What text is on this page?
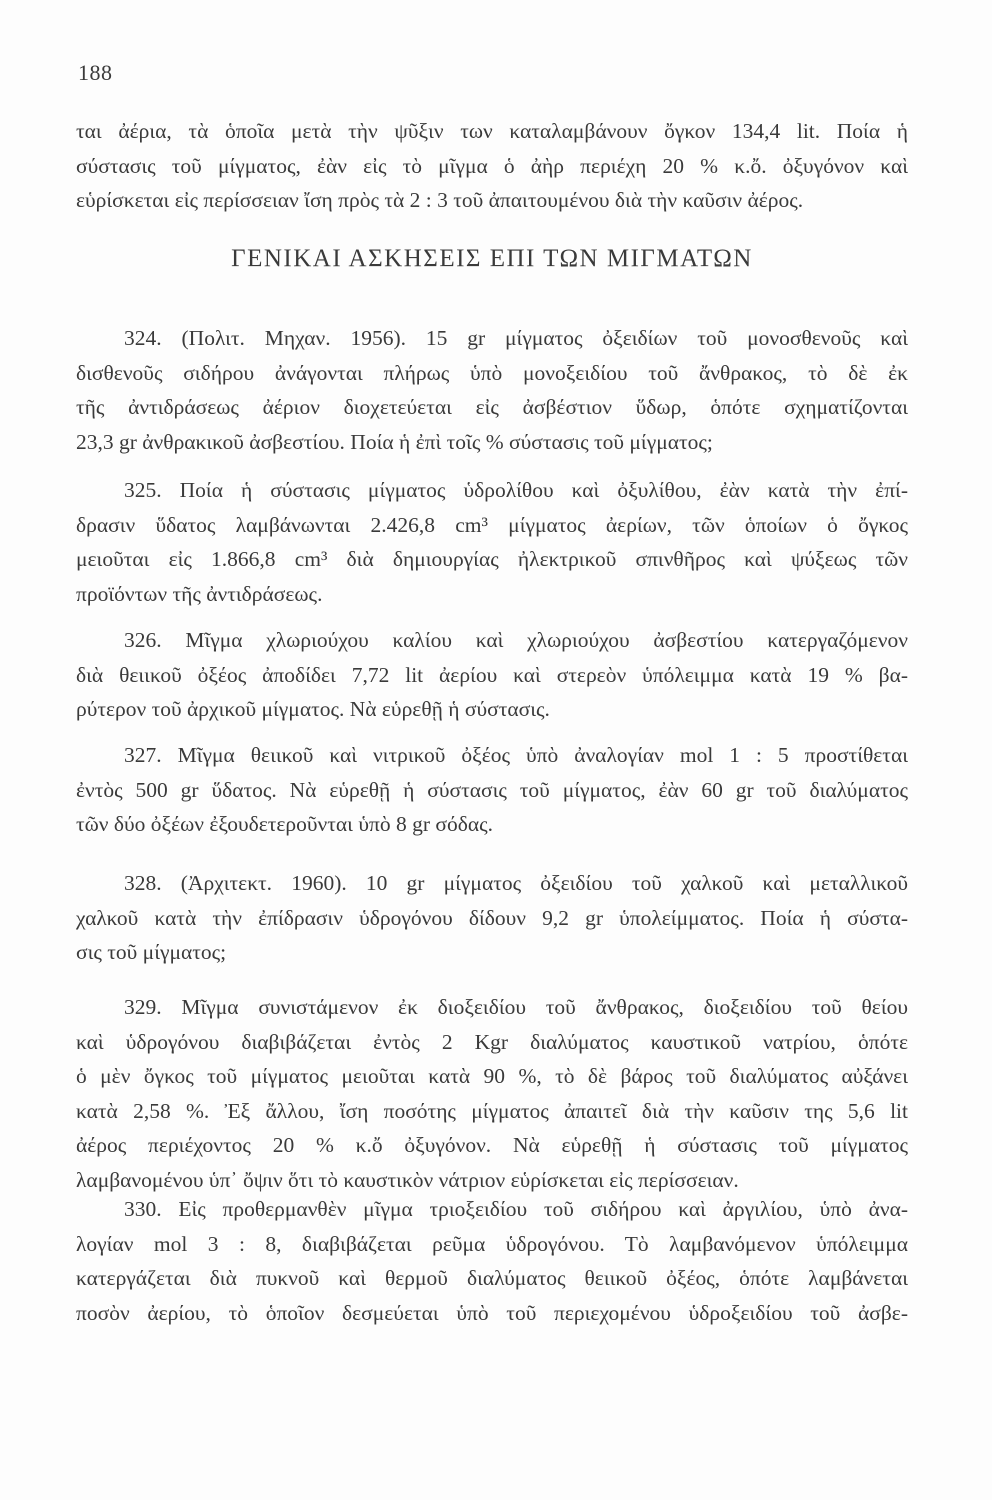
188
ται ἀέρια, τὰ ὁποῖα μετὰ τὴν ψῦξιν των καταλαμβάνουν ὄγκον 134,4 lit. Ποία ἡ
σύστασις τοῦ μίγματος, ἐὰν εἰς τὸ μῖγμα ὁ ἀὴρ περιέχη 20 % κ.ὄ. ὀξυγόνον καὶ
εὑρίσκεται εἰς περίσσειαν ἴση πρὸς τὰ 2 : 3 τοῦ ἀπαιτουμένου διὰ τὴν καῦσιν ἀέρος.
ΓΕΝΙΚΑΙ ΑΣΚΗΣΕΙΣ ΕΠΙ ΤΩΝ ΜΙΓΜΑΤΩΝ
324. (Πολιτ. Μηχαν. 1956). 15 gr μίγματος ὀξειδίων τοῦ μονοσθενοῦς καὶ
δισθενοῦς σιδήρου ἀνάγονται πλήρως ὑπὸ μονοξειδίου τοῦ ἄνθρακος, τὸ δὲ ἐκ
τῆς ἀντιδράσεως ἀέριον διοχετεύεται εἰς ἀσβέστιον ὕδωρ, ὁπότε σχηματίζονται
23,3 gr ἀνθρακικοῦ ἀσβεστίου. Ποία ἡ ἐπὶ τοῖς % σύστασις τοῦ μίγματος;
325. Ποία ἡ σύστασις μίγματος ὑδρολίθου καὶ ὀξυλίθου, ἐὰν κατὰ τὴν ἐπί-
δρασιν ὕδατος λαμβάνωνται 2.426,8 cm³ μίγματος ἀερίων, τῶν ὁποίων ὁ ὄγκος
μειοῦται εἰς 1.866,8 cm³ διὰ δημιουργίας ἠλεκτρικοῦ σπινθῆρος καὶ ψύξεως τῶν
προϊόντων τῆς ἀντιδράσεως.
326. Μῖγμα χλωριούχου καλίου καὶ χλωριούχου ἀσβεστίου κατεργαζόμενον
διὰ θειικοῦ ὀξέος ἀποδίδει 7,72 lit ἀερίου καὶ στερεὸν ὑπόλειμμα κατὰ 19 % βα-
ρύτερον τοῦ ἀρχικοῦ μίγματος. Νὰ εὑρεθῇ ἡ σύστασις.
327. Μῖγμα θειικοῦ καὶ νιτρικοῦ ὀξέος ὑπὸ ἀναλογίαν mol 1 : 5 προστίθεται
ἐντὸς 500 gr ὕδατος. Νὰ εὑρεθῇ ἡ σύστασις τοῦ μίγματος, ἐὰν 60 gr τοῦ διαλύματος
τῶν δύο ὀξέων ἐξουδετεροῦνται ὑπὸ 8 gr σόδας.
328. (Ἀρχιτεκτ. 1960). 10 gr μίγματος ὀξειδίου τοῦ χαλκοῦ καὶ μεταλλικοῦ
χαλκοῦ κατὰ τὴν ἐπίδρασιν ὑδρογόνου δίδουν 9,2 gr ὑπολείμματος. Ποία ἡ σύστα-
σις τοῦ μίγματος;
329. Μῖγμα συνιστάμενον ἐκ διοξειδίου τοῦ ἄνθρακος, διοξειδίου τοῦ θείου
καὶ ὑδρογόνου διαβιβάζεται ἐντὸς 2 Kgr διαλύματος καυστικοῦ νατρίου, ὁπότε
ὁ μὲν ὄγκος τοῦ μίγματος μειοῦται κατὰ 90 %, τὸ δὲ βάρος τοῦ διαλύματος αὐξάνει
κατὰ 2,58 %. Ἐξ ἄλλου, ἴση ποσότης μίγματος ἀπαιτεῖ διὰ τὴν καῦσιν της 5,6 lit
ἀέρος περιέχοντος 20 % κ.ὄ ὀξυγόνον. Νὰ εὑρεθῇ ἡ σύστασις τοῦ μίγματος
λαμβανομένου ὑπ᾽ ὄψιν ὅτι τὸ καυστικὸν νάτριον εὑρίσκεται εἰς περίσσειαν.
330. Εἰς προθερμανθὲν μῖγμα τριοξειδίου τοῦ σιδήρου καὶ ἀργιλίου, ὑπὸ ἀνα-
λογίαν mol 3 : 8, διαβιβάζεται ρεῦμα ὑδρογόνου. Τὸ λαμβανόμενον ὑπόλειμμα
κατεργάζεται διὰ πυκνοῦ καὶ θερμοῦ διαλύματος θειικοῦ ὀξέος, ὁπότε λαμβάνεται
ποσὸν ἀερίου, τὸ ὁποῖον δεσμεύεται ὑπὸ τοῦ περιεχομένου ὑδροξειδίου τοῦ ἀσβε-
